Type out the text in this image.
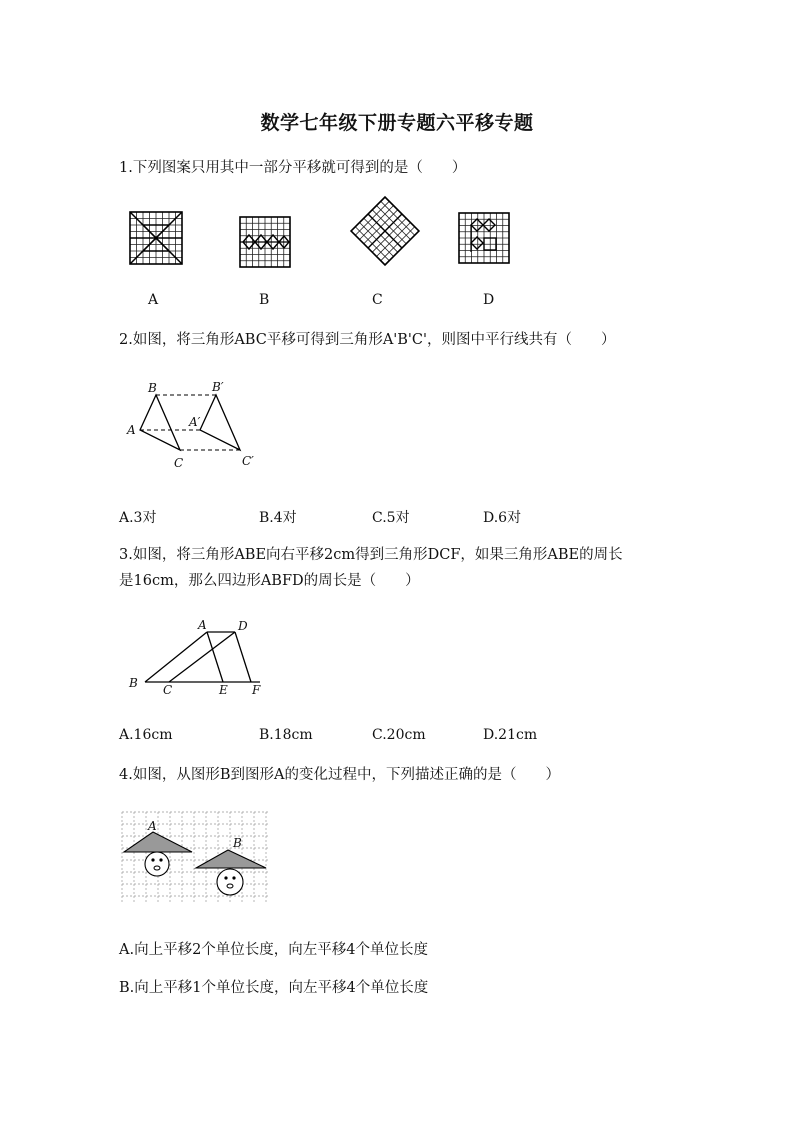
数学七年级下册专题六平移专题
1.下列图案只用其中一部分平移就可得到的是（　　）
A	B	C	D
2.如图，将三角形ABC平移可得到三角形A'B'C'，则图中平行线共有（　　）
B	B′
A
A′
C	C′
A.3对	B.4对	C.5对	D.6对
3.如图，将三角形ABE向右平移2cm得到三角形DCF，如果三角形ABE的周长
是16cm，那么四边形ABFD的周长是（　　）
A	D
B C	E F
A.16cm	B.18cm	C.20cm	D.21cm
4.如图，从图形B到图形A的变化过程中，下列描述正确的是（　　）
A
B
A.向上平移2个单位长度，向左平移4个单位长度
B.向上平移1个单位长度，向左平移4个单位长度
